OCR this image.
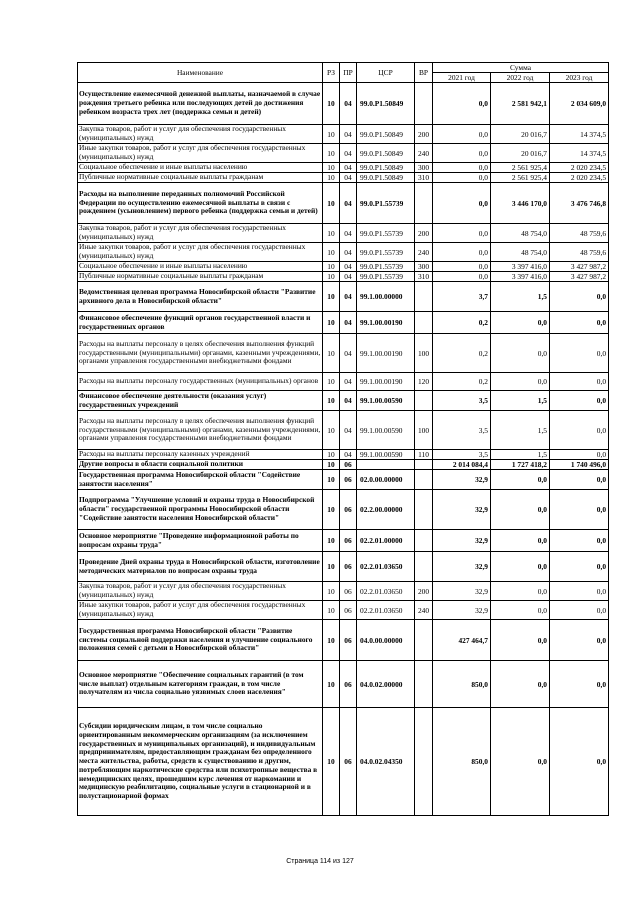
Наименование	РЗ	ПР	ЦСР	ВР	Сумма		
					2021 год	2022 год	2023 год
Осуществление ежемесячной денежной выплаты, назначаемой в случае рождения третьего ребенка или последующих детей до достижения ребенком возраста трех лет (поддержка семьи и детей)	10	04	99.0.Р1.50849		0,0	2 581 942,1	2 034 609,0
Закупка товаров, работ и услуг для обеспечения государственных (муниципальных) нужд	10	04	99.0.Р1.50849	200	0,0	20 016,7	14 374,5
Иные закупки товаров, работ и услуг для обеспечения государственных (муниципальных) нужд	10	04	99.0.Р1.50849	240	0,0	20 016,7	14 374,5
Социальное обеспечение и иные выплаты населению	10	04	99.0.Р1.50849	300	0,0	2 561 925,4	2 020 234,5
Публичные нормативные социальные выплаты гражданам	10	04	99.0.Р1.50849	310	0,0	2 561 925,4	2 020 234,5
Расходы на выполнение переданных полномочий Российской Федерации по осуществлению ежемесячной выплаты в связи с рождением (усыновлением) первого ребенка (поддержка семьи и детей)	10	04	99.0.Р1.55739		0,0	3 446 170,0	3 476 746,8
Закупка товаров, работ и услуг для обеспечения государственных (муниципальных) нужд	10	04	99.0.Р1.55739	200	0,0	48 754,0	48 759,6
Иные закупки товаров, работ и услуг для обеспечения государственных (муниципальных) нужд	10	04	99.0.Р1.55739	240	0,0	48 754,0	48 759,6
Социальное обеспечение и иные выплаты населению	10	04	99.0.Р1.55739	300	0,0	3 397 416,0	3 427 987,2
Публичные нормативные социальные выплаты гражданам	10	04	99.0.Р1.55739	310	0,0	3 397 416,0	3 427 987,2
Ведомственная целевая программа Новосибирской области "Развитие архивного дела в Новосибирской области"	10	04	99.1.00.00000		3,7	1,5	0,0
Финансовое обеспечение функций органов государственной власти и государственных органов	10	04	99.1.00.00190		0,2	0,0	0,0
Расходы на выплаты персоналу в целях обеспечения выполнения функций государственными (муниципальными) органами, казенными учреждениями, органами управления государственными внебюджетными фондами	10	04	99.1.00.00190	100	0,2	0,0	0,0
Расходы на выплаты персоналу государственных (муниципальных) органов	10	04	99.1.00.00190	120	0,2	0,0	0,0
Финансовое обеспечение деятельности (оказания услуг) государственных учреждений	10	04	99.1.00.00590		3,5	1,5	0,0
Расходы на выплаты персоналу в целях обеспечения выполнения функций государственными (муниципальными) органами, казенными учреждениями, органами управления государственными внебюджетными фондами	10	04	99.1.00.00590	100	3,5	1,5	0,0
Расходы на выплаты персоналу казенных учреждений	10	04	99.1.00.00590	110	3,5	1,5	0,0
Другие вопросы в области социальной политики	10	06			2 014 084,4	1 727 418,2	1 740 496,0
Государственная программа Новосибирской области "Содействие занятости населения"	10	06	02.0.00.00000		32,9	0,0	0,0
Подпрограмма "Улучшение условий и охраны труда в Новосибирской области" государственной программы Новосибирской области "Содействие занятости населения Новосибирской области"	10	06	02.2.00.00000		32,9	0,0	0,0
Основное мероприятие "Проведение информационной работы по вопросам охраны труда"	10	06	02.2.01.00000		32,9	0,0	0,0
Проведение Дней охраны труда в Новосибирской области, изготовление методических материалов по вопросам охраны труда	10	06	02.2.01.03650		32,9	0,0	0,0
Закупка товаров, работ и услуг для обеспечения государственных (муниципальных) нужд	10	06	02.2.01.03650	200	32,9	0,0	0,0
Иные закупки товаров, работ и услуг для обеспечения государственных (муниципальных) нужд	10	06	02.2.01.03650	240	32,9	0,0	0,0
Государственная программа Новосибирской области "Развитие системы социальной поддержки населения и улучшение социального положения семей с детьми в Новосибирской области"	10	06	04.0.00.00000		427 464,7	0,0	0,0
Основное мероприятие "Обеспечение социальных гарантий (в том числе выплат) отдельным категориям граждан, в том числе получателям из числа социально уязвимых слоев населения"	10	06	04.0.02.00000		850,0	0,0	0,0
Субсидии юридическим лицам, в том числе социально ориентированным некоммерческим организациям (за исключением государственных и муниципальных организаций), и индивидуальным предпринимателям, предоставляющим гражданам без определенного места жительства, работы, средств к существованию и другим, потребляющим наркотические средства или психотропные вещества в немедицинских целях, прошедшим курс лечения от наркомании и медицинскую реабилитацию, социальные услуги в стационарной и в полустационарной формах	10	06	04.0.02.04350		850,0	0,0	0,0
Страница 114 из 127
